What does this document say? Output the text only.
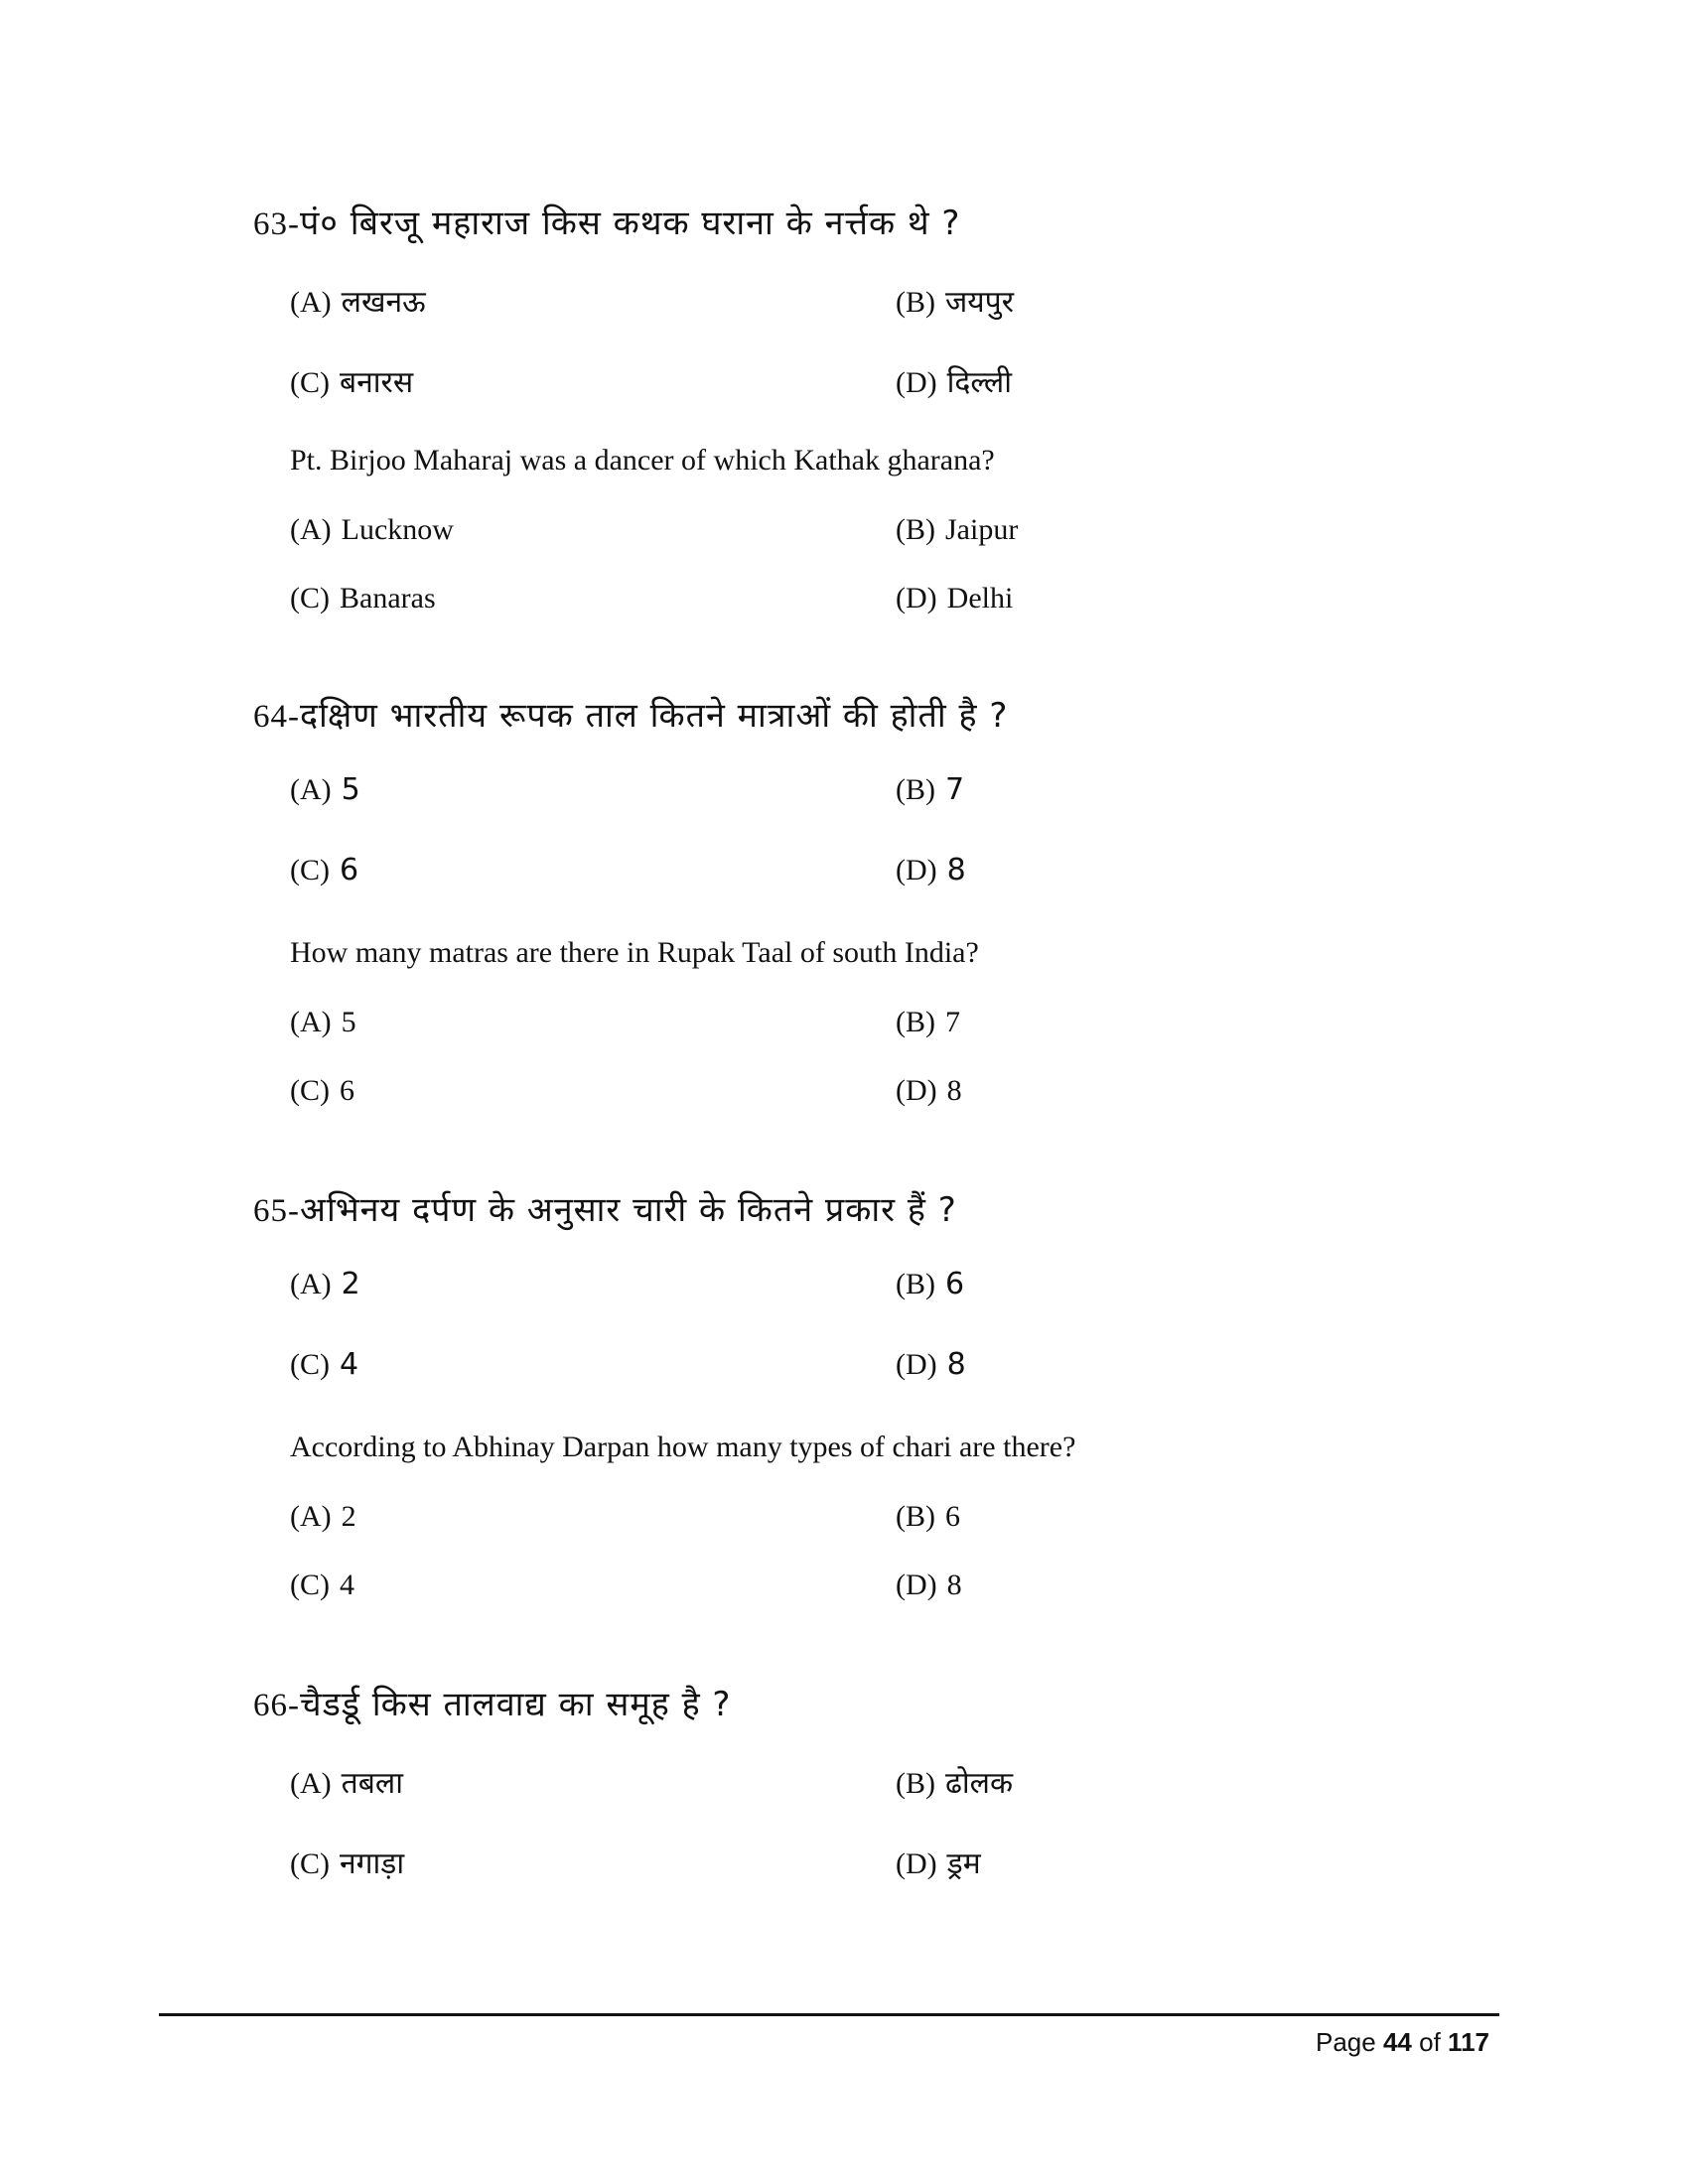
63-पं० बिरजू महाराज किस कथक घराना के नर्त्तक थे ?
(A) लखनऊ	(B) जयपुर
(C) बनारस	(D) दिल्ली
Pt. Birjoo Maharaj was a dancer of which Kathak gharana?
(A) Lucknow	(B) Jaipur
(C) Banaras	(D) Delhi
64-दक्षिण भारतीय रूपक ताल कितने मात्राओं की होती है ?
(A) 5	(B) 7
(C) 6	(D) 8
How many matras are there in Rupak Taal of south India?
(A) 5	(B) 7
(C) 6	(D) 8
65-अभिनय दर्पण के अनुसार चारी के कितने प्रकार हैं ?
(A) 2	(B) 6
(C) 4	(D) 8
According to Abhinay Darpan how many types of chari are there?
(A) 2	(B) 6
(C) 4	(D) 8
66-चैडर्डू किस तालवाद्य का समूह है ?
(A) तबला	(B) ढोलक
(C) नगाड़ा	(D) ड्रम
Page 44 of 117
